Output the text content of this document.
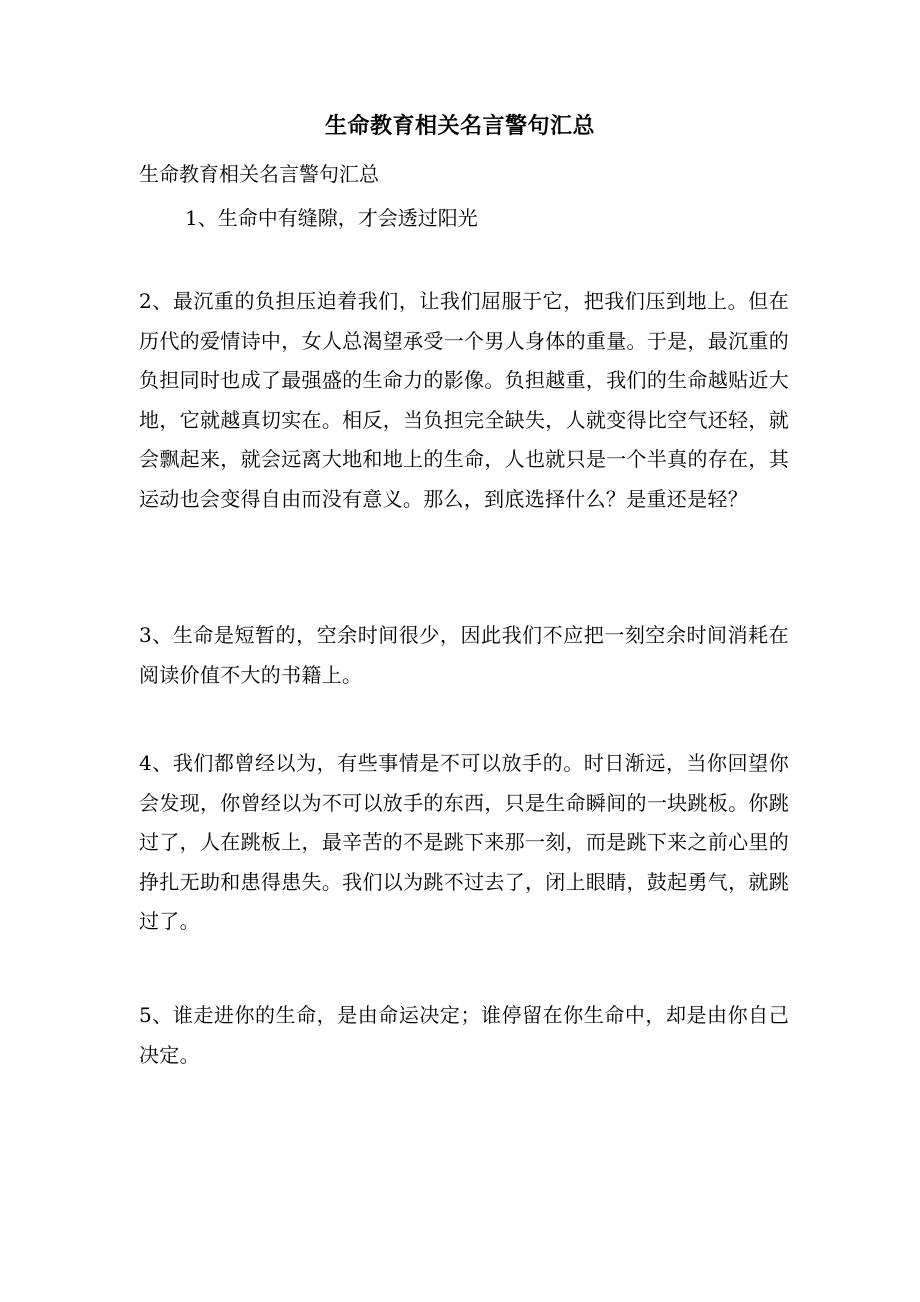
生命教育相关名言警句汇总
生命教育相关名言警句汇总
1、生命中有缝隙，才会透过阳光
2、最沉重的负担压迫着我们，让我们屈服于它，把我们压到地上。但在历代的爱情诗中，女人总渴望承受一个男人身体的重量。于是，最沉重的负担同时也成了最强盛的生命力的影像。负担越重，我们的生命越贴近大地，它就越真切实在。相反，当负担完全缺失，人就变得比空气还轻，就会飘起来，就会远离大地和地上的生命，人也就只是一个半真的存在，其运动也会变得自由而没有意义。那么，到底选择什么？是重还是轻？
3、生命是短暂的，空余时间很少，因此我们不应把一刻空余时间消耗在阅读价值不大的书籍上。
4、我们都曾经以为，有些事情是不可以放手的。时日渐远，当你回望你会发现，你曾经以为不可以放手的东西，只是生命瞬间的一块跳板。你跳过了，人在跳板上，最辛苦的不是跳下来那一刻，而是跳下来之前心里的挣扎无助和患得患失。我们以为跳不过去了，闭上眼睛，鼓起勇气，就跳过了。
5、谁走进你的生命，是由命运决定；谁停留在你生命中，却是由你自己决定。
